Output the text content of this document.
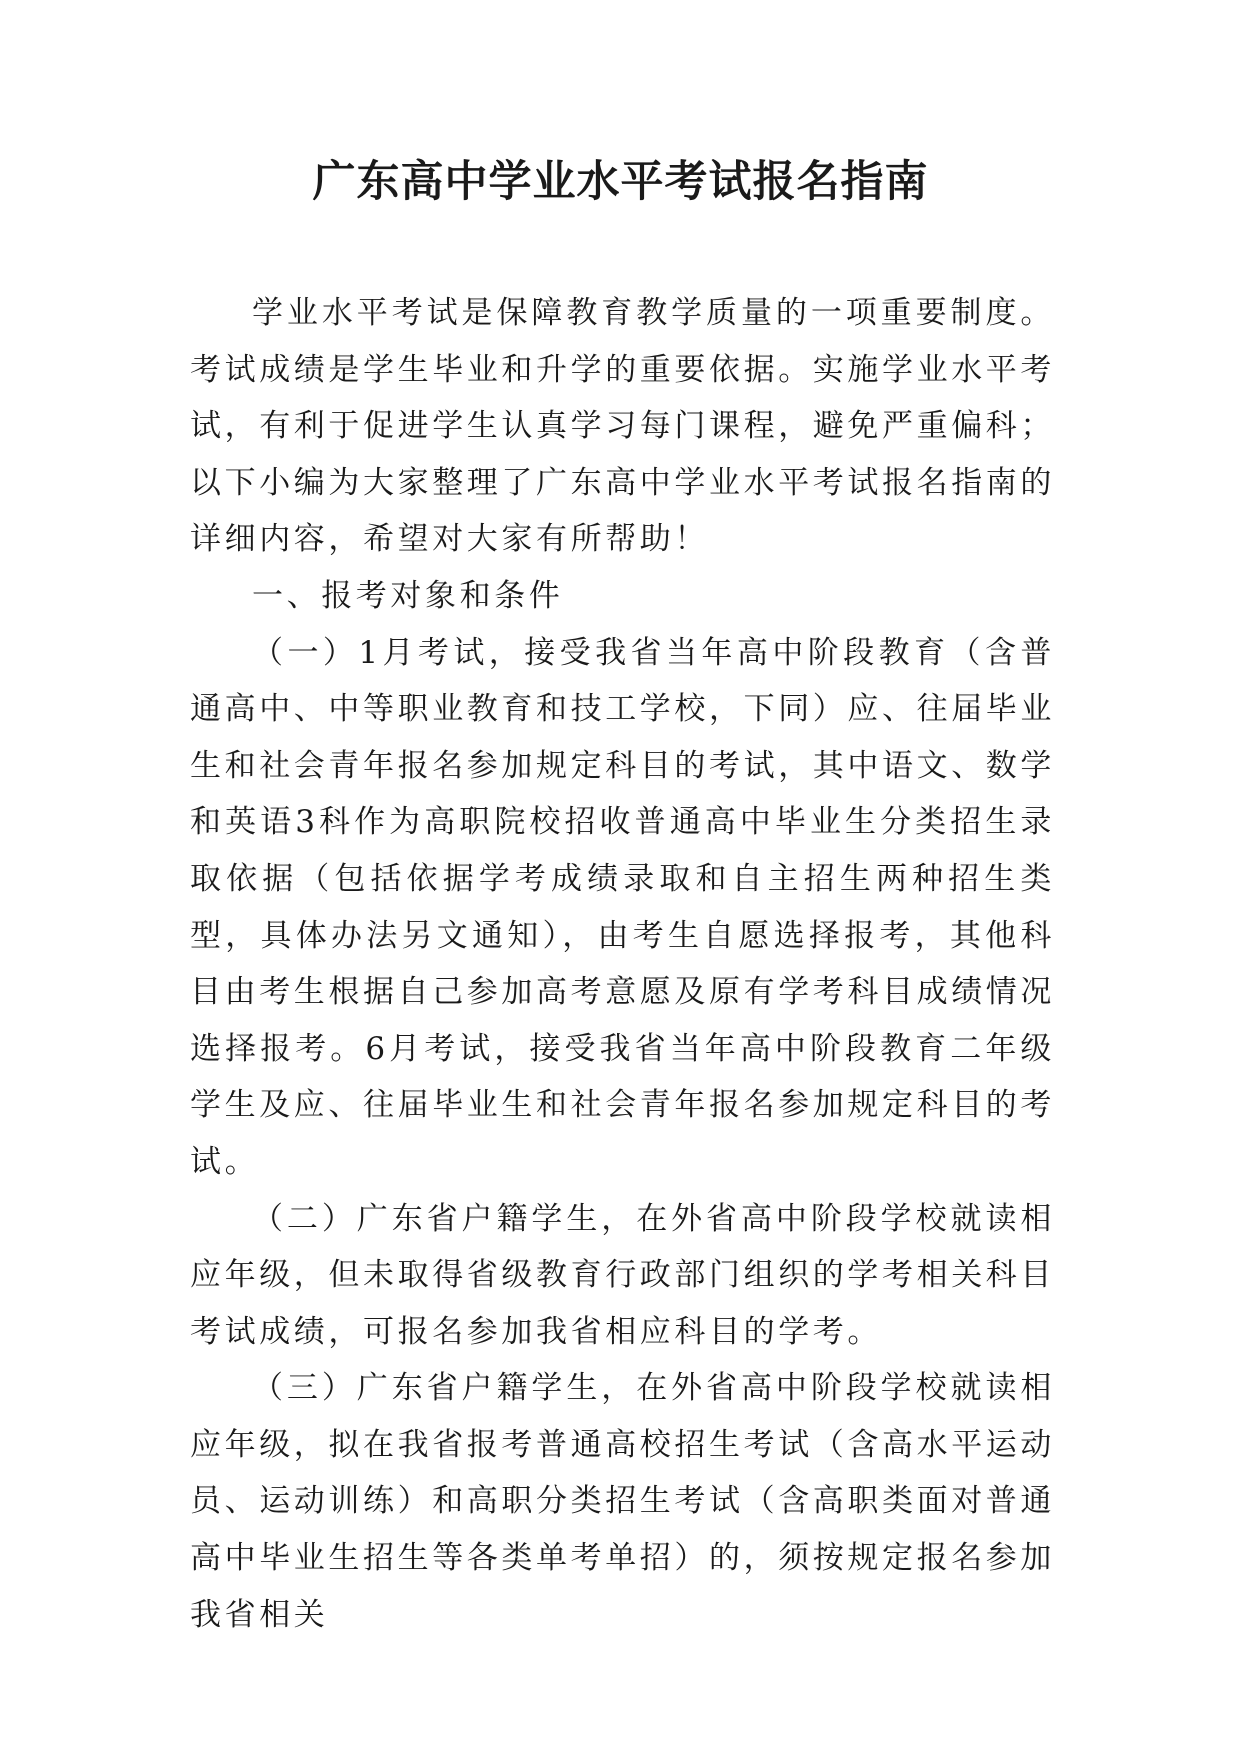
广东高中学业水平考试报名指南

学业水平考试是保障教育教学质量的一项重要制度。考试成绩是学生毕业和升学的重要依据。实施学业水平考试，有利于促进学生认真学习每门课程，避免严重偏科；以下小编为大家整理了广东高中学业水平考试报名指南的详细内容，希望对大家有所帮助！

一、报考对象和条件

（一）1月考试，接受我省当年高中阶段教育（含普通高中、中等职业教育和技工学校，下同）应、往届毕业生和社会青年报名参加规定科目的考试，其中语文、数学和英语3科作为高职院校招收普通高中毕业生分类招生录取依据（包括依据学考成绩录取和自主招生两种招生类型，具体办法另文通知），由考生自愿选择报考，其他科目由考生根据自己参加高考意愿及原有学考科目成绩情况选择报考。6月考试，接受我省当年高中阶段教育二年级学生及应、往届毕业生和社会青年报名参加规定科目的考试。

（二）广东省户籍学生，在外省高中阶段学校就读相应年级，但未取得省级教育行政部门组织的学考相关科目考试成绩，可报名参加我省相应科目的学考。

（三）广东省户籍学生，在外省高中阶段学校就读相应年级，拟在我省报考普通高校招生考试（含高水平运动员、运动训练）和高职分类招生考试（含高职类面对普通高中毕业生招生等各类单考单招）的，须按规定报名参加我省相关
